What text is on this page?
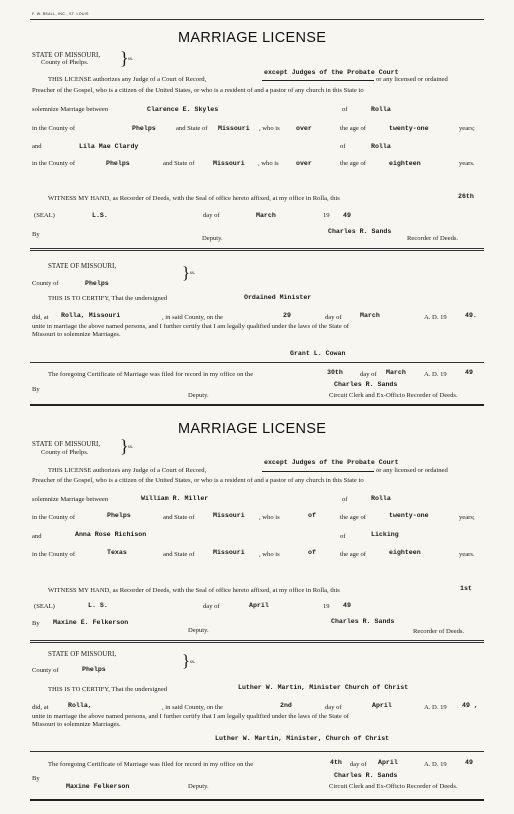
F. W. BEALL, INC., ST. LOUIS
MARRIAGE LICENSE
STATE OF MISSOURI,
County of Phelps. } ss.
THIS LICENSE authorizes any Judge of a Court of Record,
except Judges of the Probate Court
or any licensed or ordained
Preacher of the Gospel, who is a citizen of the United States, or who is a resident of and a pastor of any church in this State to
solemnize Marriage between	Clarence E. Skyles	of	Rolla
in the County of	Phelps	and State of Missouri , who is over	the age of	twenty-one	years;
and	Lila Mae Clardy	of	Rolla
in the County of	Phelps	and State of	Missouri , who is	over	the age of	eighteen	years.
WITNESS MY HAND, as Recorder of Deeds, with the Seal of office hereto affixed, at my office in Rolla, this	26th
(SEAL)	L.S.	day of	March	19 49
By
Deputy.
Charles R. Sands
Recorder of Deeds.
STATE OF MISSOURI,	} ss.
County of	Phelps
THIS IS TO CERTIFY, That the undersigned	Ordained Minister
did, at Rolla, Missouri	, in said County, on the	29	day of	March	A. D. 19	49.
unite in marriage the above named persons, and I further certify that I am legally qualified under the laws of the State of
Missouri to solemnize Marriages.
Grant L. Cowan
The foregoing Certificate of Marriage was filed for record in my office on the	30th	day of March	A. D. 19	49
By
Deputy.
Charles R. Sands
Circuit Clerk and Ex-Officio Recorder of Deeds.
MARRIAGE LICENSE
STATE OF MISSOURI,
County of Phelps. } ss.
THIS LICENSE authorizes any Judge of a Court of Record,
except Judges of the Probate Court
or any licensed or ordained
Preacher of the Gospel, who is a citizen of the United States, or who is a resident of and a pastor of any church in this State to
solemnize Marriage between	William R. Miller	of	Rolla
in the County of	Phelps	and State of	Missouri , who is	of	the age of	twenty-one	years;
and	Anna Rose Richison	of	Licking
in the County of	Texas	and State of	Missouri , who is	of	the age of	eighteen	years.
WITNESS MY HAND, as Recorder of Deeds, with the Seal of office hereto affixed, at my office in Rolla, this	1st
(SEAL)	L. S.	day of	April	19 49
By Maxine E. Felkerson
Deputy.
Charles R. Sands
Recorder of Deeds.
STATE OF MISSOURI,	} ss.
County of	Phelps
THIS IS TO CERTIFY, That the undersigned	Luther W. Martin, Minister Church of Christ
did, at	Rolla,	, in said County, on the	2nd	day of	April	A. D. 19 49 ,
unite in marriage the above named persons, and I further certify that I am legally qualified under the laws of the State of
Missouri to solemnize Marriages.
Luther W. Martin, Minister, Church of Christ
The foregoing Certificate of Marriage was filed for record in my office on the	4th day of April	A. D. 19	49
By
Maxine Felkerson	Deputy.
Charles R. Sands
Circuit Clerk and Ex-Officio Recorder of Deeds.
